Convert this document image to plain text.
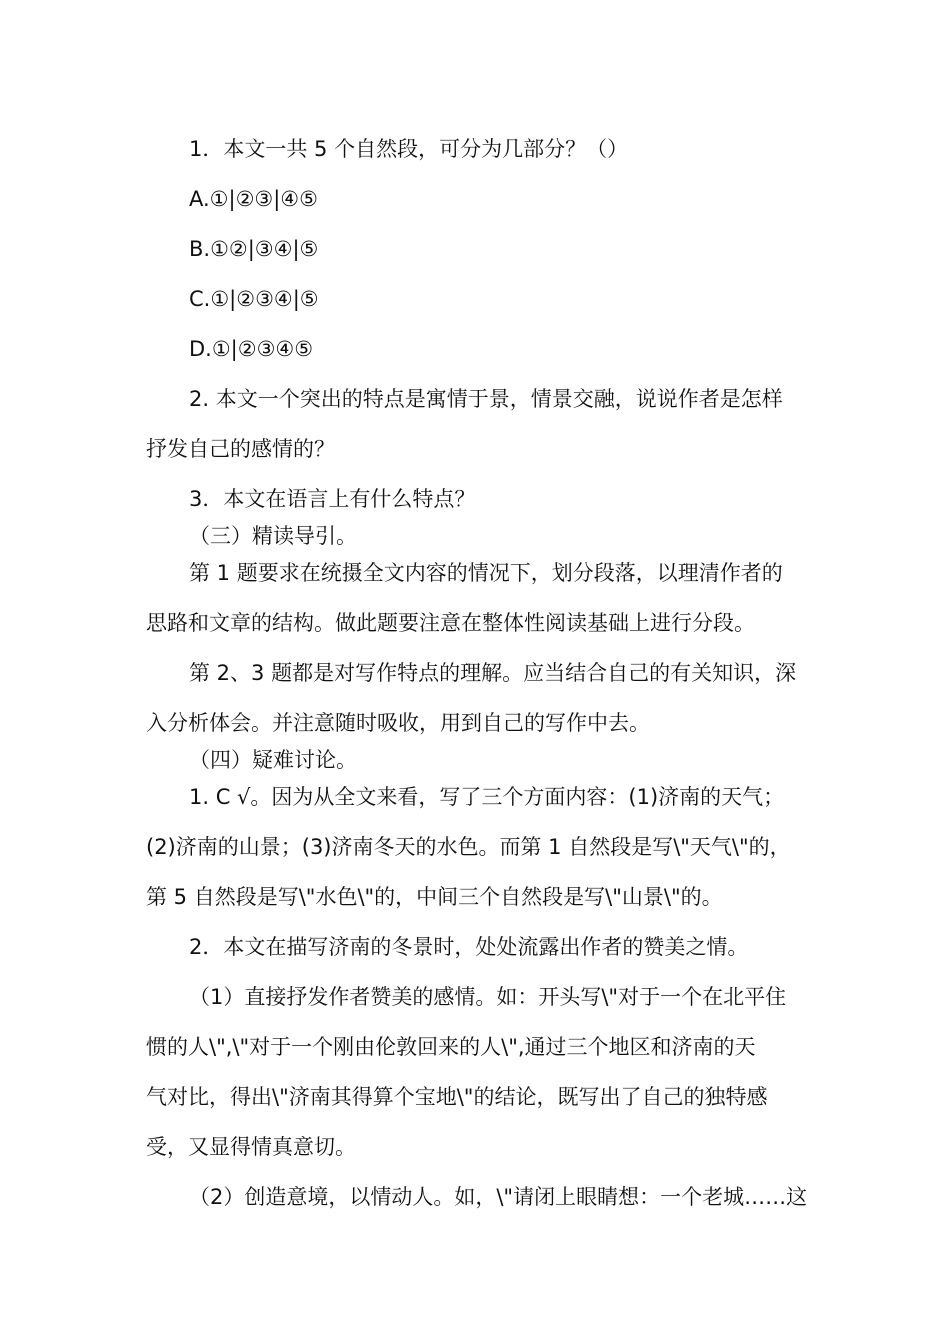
1．本文一共 5 个自然段，可分为几部分？（）
A.①|②③|④⑤
B.①②|③④|⑤
C.①|②③④|⑤
D.①|②③④⑤
2. 本文一个突出的特点是寓情于景，情景交融，说说作者是怎样
抒发自己的感情的？
3．本文在语言上有什么特点？
（三）精读导引。
第 1 题要求在统摄全文内容的情况下，划分段落，以理清作者的
思路和文章的结构。做此题要注意在整体性阅读基础上进行分段。
第 2、3 题都是对写作特点的理解。应当结合自己的有关知识，深
入分析体会。并注意随时吸收，用到自己的写作中去。
（四）疑难讨论。
1. C √。因为从全文来看，写了三个方面内容：(1)济南的天气；
(2)济南的山景；(3)济南冬天的水色。而第 1 自然段是写\"天气\"的，
第 5 自然段是写\"水色\"的，中间三个自然段是写\"山景\"的。
2．本文在描写济南的冬景时，处处流露出作者的赞美之情。
（1）直接抒发作者赞美的感情。如：开头写\"对于一个在北平住
惯的人\",\"对于一个刚由伦敦回来的人\",通过三个地区和济南的天
气对比，得出\"济南其得算个宝地\"的结论，既写出了自己的独特感
受，又显得情真意切。
（2）创造意境，以情动人。如，\"请闭上眼睛想：一个老城……这
